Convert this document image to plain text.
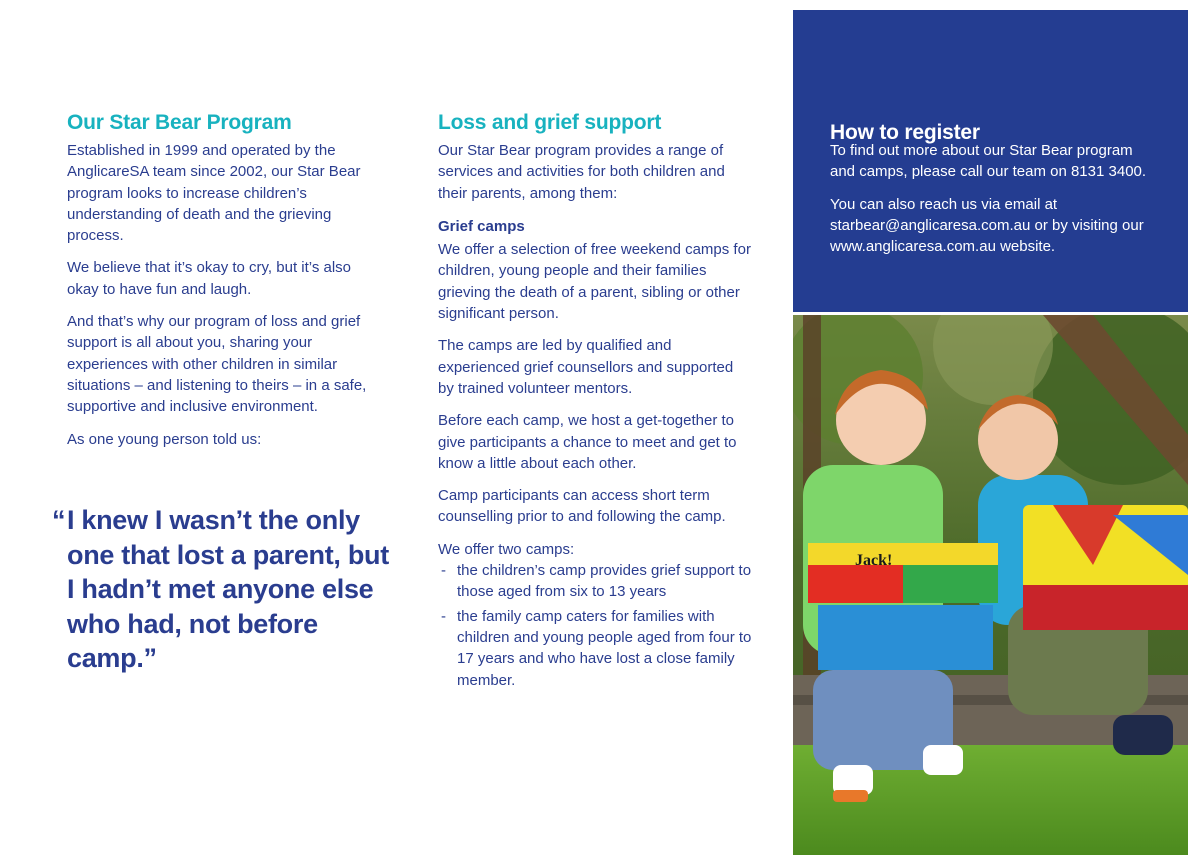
Our Star Bear Program

Established in 1999 and operated by the AnglicareSA team since 2002, our Star Bear program looks to increase children’s understanding of death and the grieving process.

We believe that it’s okay to cry, but it’s also okay to have fun and laugh.

And that’s why our program of loss and grief support is all about you, sharing your experiences with other children in similar situations – and listening to theirs – in a safe, supportive and inclusive environment.

As one young person told us:

“ I knew I wasn’t the only one that lost a parent, but I hadn’t met anyone else who had, not before camp.”
Loss and grief support

Our Star Bear program provides a range of services and activities for both children and their parents, among them:

Grief camps

We offer a selection of free weekend camps for children, young people and their families grieving the death of a parent, sibling or other significant person.

The camps are led by qualified and experienced grief counsellors and supported by trained volunteer mentors.

Before each camp, we host a get-together to give participants a chance to meet and get to know a little about each other.

Camp participants can access short term counselling prior to and following the camp.

We offer two camps:
- the children’s camp provides grief support to those aged from six to 13 years
- the family camp caters for families with children and young people aged from four to 17 years and who have lost a close family member.
How to register

To find out more about our Star Bear program and camps, please call our team on 8131 3400.

You can also reach us via email at starbear@anglicaresa.com.au or by visiting our www.anglicaresa.com.au website.

Jack!
